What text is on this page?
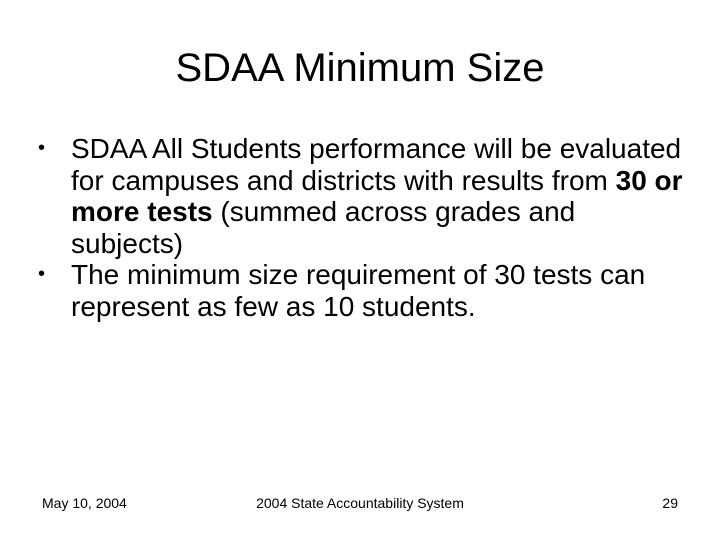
SDAA Minimum Size
• SDAA All Students performance will be evaluated for campuses and districts with results from 30 or more tests (summed across grades and subjects)
• The minimum size requirement of 30 tests can represent as few as 10 students.
May 10, 2004	2004 State Accountability System	29
